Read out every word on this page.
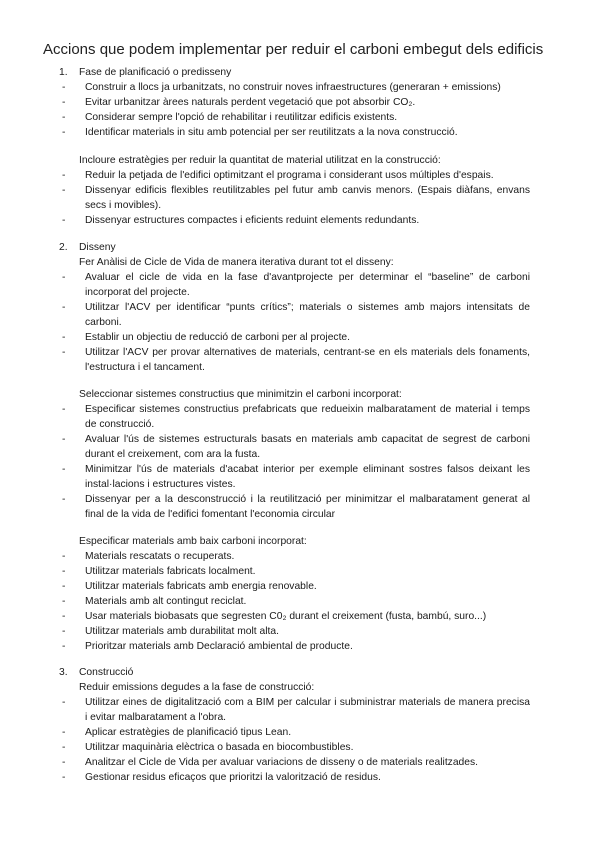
Accions que podem implementar per reduir el carboni embegut dels edificis
1. Fase de planificació o predisseny
- Construir a llocs ja urbanitzats, no construir noves infraestructures (generaran + emissions)
- Evitar urbanitzar àrees naturals perdent vegetació que pot absorbir CO₂.
- Considerar sempre l'opció de rehabilitar i reutilitzar edificis existents.
- Identificar materials in situ amb potencial per ser reutilitzats a la nova construcció.
Incloure estratègies per reduir la quantitat de material utilitzat en la construcció:
- Reduir la petjada de l'edifici optimitzant el programa i considerant usos múltiples d'espais.
- Dissenyar edificis flexibles reutilitzables pel futur amb canvis menors. (Espais diàfans, envans secs i movibles).
- Dissenyar estructures compactes i eficients reduint elements redundants.
2. Disseny
Fer Anàlisi de Cicle de Vida de manera iterativa durant tot el disseny:
- Avaluar el cicle de vida en la fase d'avantprojecte per determinar el “baseline” de carboni incorporat del projecte.
- Utilitzar l'ACV per identificar “punts crítics”; materials o sistemes amb majors intensitats de carboni.
- Establir un objectiu de reducció de carboni per al projecte.
- Utilitzar l'ACV per provar alternatives de materials, centrant-se en els materials dels fonaments, l'estructura i el tancament.
Seleccionar sistemes constructius que minimitzin el carboni incorporat:
- Especificar sistemes constructius prefabricats que redueixin malbaratament de material i temps de construcció.
- Avaluar l'ús de sistemes estructurals basats en materials amb capacitat de segrest de carboni durant el creixement, com ara la fusta.
- Minimitzar l'ús de materials d'acabat interior per exemple eliminant sostres falsos deixant les instal·lacions i estructures vistes.
- Dissenyar per a la desconstrucció i la reutilització per minimitzar el malbaratament generat al final de la vida de l'edifici fomentant l'economia circular
Especificar materials amb baix carboni incorporat:
- Materials rescatats o recuperats.
- Utilitzar materials fabricats localment.
- Utilitzar materials fabricats amb energia renovable.
- Materials amb alt contingut reciclat.
- Usar materials biobasats que segresten C0₂ durant el creixement (fusta, bambú, suro...)
- Utilitzar materials amb durabilitat molt alta.
- Prioritzar materials amb Declaració ambiental de producte.
3. Construcció
Reduir emissions degudes a la fase de construcció:
- Utilitzar eines de digitalització com a BIM per calcular i subministrar materials de manera precisa i evitar malbaratament a l'obra.
- Aplicar estratègies de planificació tipus Lean.
- Utilitzar maquinària elèctrica o basada en biocombustibles.
- Analitzar el Cicle de Vida per avaluar variacions de disseny o de materials realitzades.
- Gestionar residus eficaços que prioritzi la valorització de residus.
